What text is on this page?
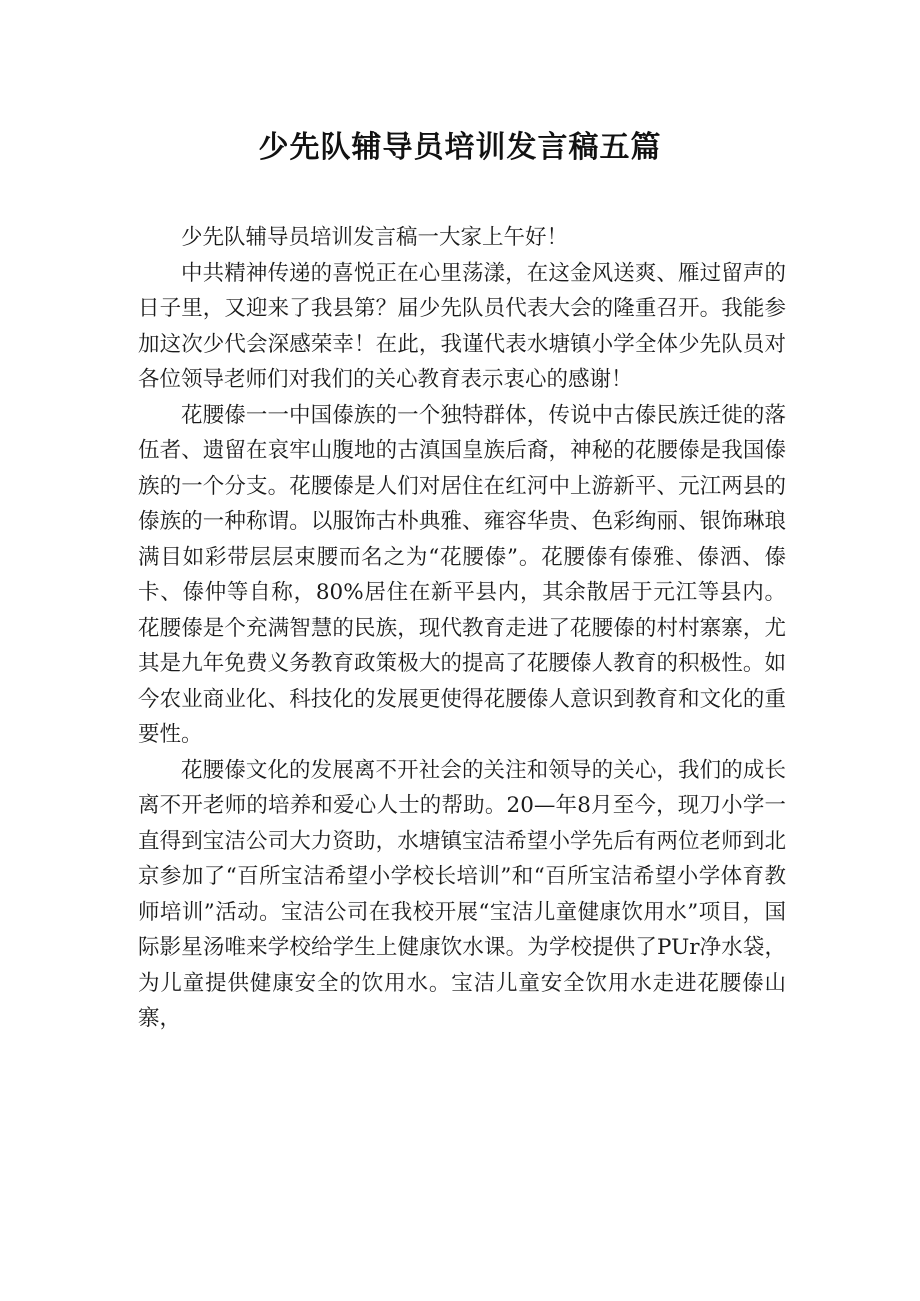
少先队辅导员培训发言稿五篇

少先队辅导员培训发言稿一大家上午好！

中共精神传递的喜悦正在心里荡漾，在这金风送爽、雁过留声的日子里，又迎来了我县第？届少先队员代表大会的隆重召开。我能参加这次少代会深感荣幸！在此，我谨代表水塘镇小学全体少先队员对各位领导老师们对我们的关心教育表示衷心的感谢！

花腰傣一一中国傣族的一个独特群体，传说中古傣民族迁徙的落伍者、遗留在哀牢山腹地的古滇国皇族后裔，神秘的花腰傣是我国傣族的一个分支。花腰傣是人们对居住在红河中上游新平、元江两县的傣族的一种称谓。以服饰古朴典雅、雍容华贵、色彩绚丽、银饰琳琅满目如彩带层层束腰而名之为“花腰傣”。花腰傣有傣雅、傣洒、傣卡、傣仲等自称，80%居住在新平县内，其余散居于元江等县内。花腰傣是个充满智慧的民族，现代教育走进了花腰傣的村村寨寨，尤其是九年免费义务教育政策极大的提高了花腰傣人教育的积极性。如今农业商业化、科技化的发展更使得花腰傣人意识到教育和文化的重要性。

花腰傣文化的发展离不开社会的关注和领导的关心，我们的成长离不开老师的培养和爱心人士的帮助。20—年8月至今，现刀小学一直得到宝洁公司大力资助，水塘镇宝洁希望小学先后有两位老师到北京参加了“百所宝洁希望小学校长培训”和“百所宝洁希望小学体育教师培训”活动。宝洁公司在我校开展“宝洁儿童健康饮用水”项目，国际影星汤唯来学校给学生上健康饮水课。为学校提供了PUr净水袋，为儿童提供健康安全的饮用水。宝洁儿童安全饮用水走进花腰傣山寨，
